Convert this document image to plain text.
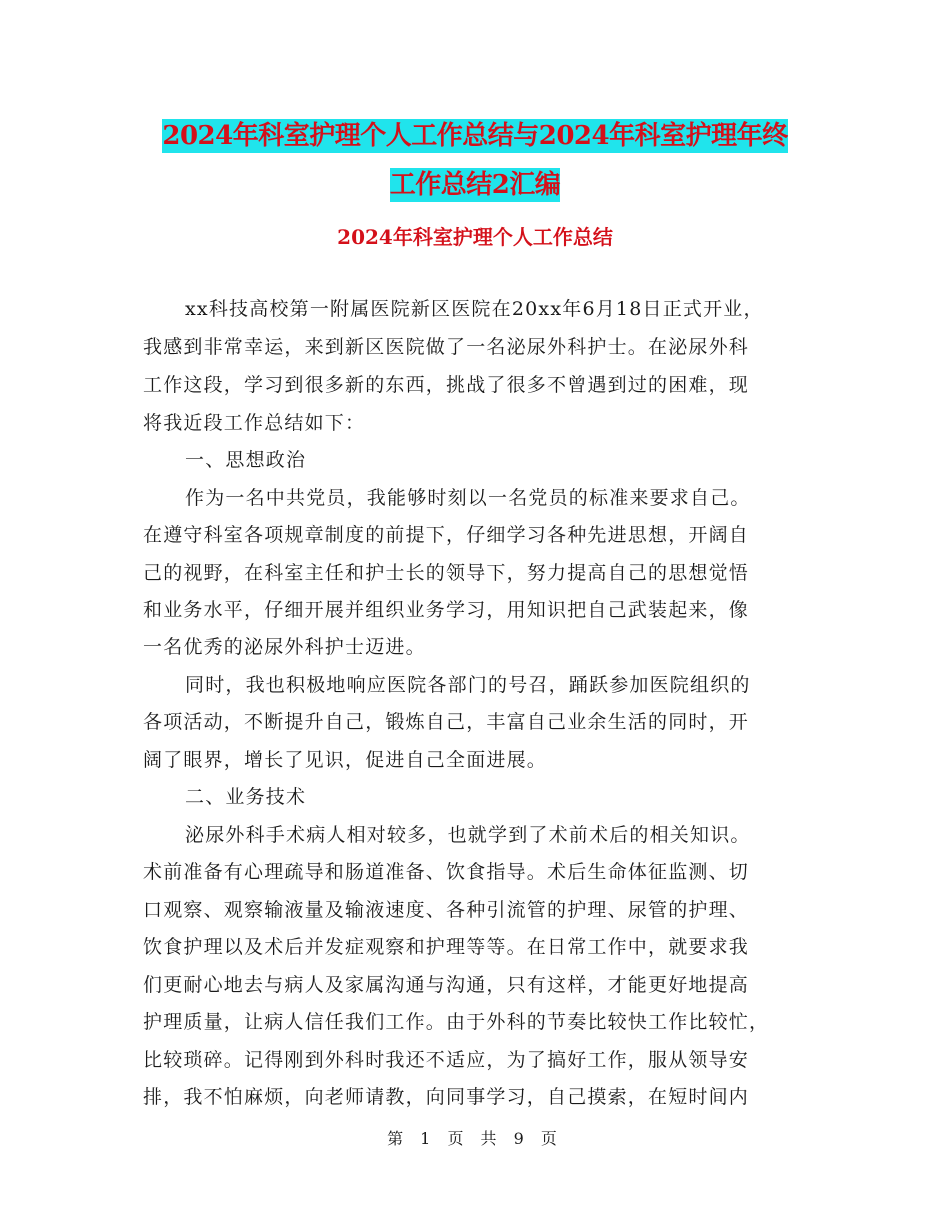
2024年科室护理个人工作总结与2024年科室护理年终
工作总结2汇编
2024年科室护理个人工作总结
xx科技高校第一附属医院新区医院在20xx年6月18日正式开业，
我感到非常幸运，来到新区医院做了一名泌尿外科护士。在泌尿外科
工作这段，学习到很多新的东西，挑战了很多不曾遇到过的困难，现
将我近段工作总结如下：
一、思想政治
作为一名中共党员，我能够时刻以一名党员的标准来要求自己。
在遵守科室各项规章制度的前提下，仔细学习各种先进思想，开阔自
己的视野，在科室主任和护士长的领导下，努力提高自己的思想觉悟
和业务水平，仔细开展并组织业务学习，用知识把自己武装起来，像
一名优秀的泌尿外科护士迈进。
同时，我也积极地响应医院各部门的号召，踊跃参加医院组织的
各项活动，不断提升自己，锻炼自己，丰富自己业余生活的同时，开
阔了眼界，增长了见识，促进自己全面进展。
二、业务技术
泌尿外科手术病人相对较多，也就学到了术前术后的相关知识。
术前准备有心理疏导和肠道准备、饮食指导。术后生命体征监测、切
口观察、观察输液量及输液速度、各种引流管的护理、尿管的护理、
饮食护理以及术后并发症观察和护理等等。在日常工作中，就要求我
们更耐心地去与病人及家属沟通与沟通，只有这样，才能更好地提高
护理质量，让病人信任我们工作。由于外科的节奏比较快工作比较忙，
比较琐碎。记得刚到外科时我还不适应，为了搞好工作，服从领导安
排，我不怕麻烦，向老师请教，向同事学习，自己摸索，在短时间内
第 1 页 共 9 页
